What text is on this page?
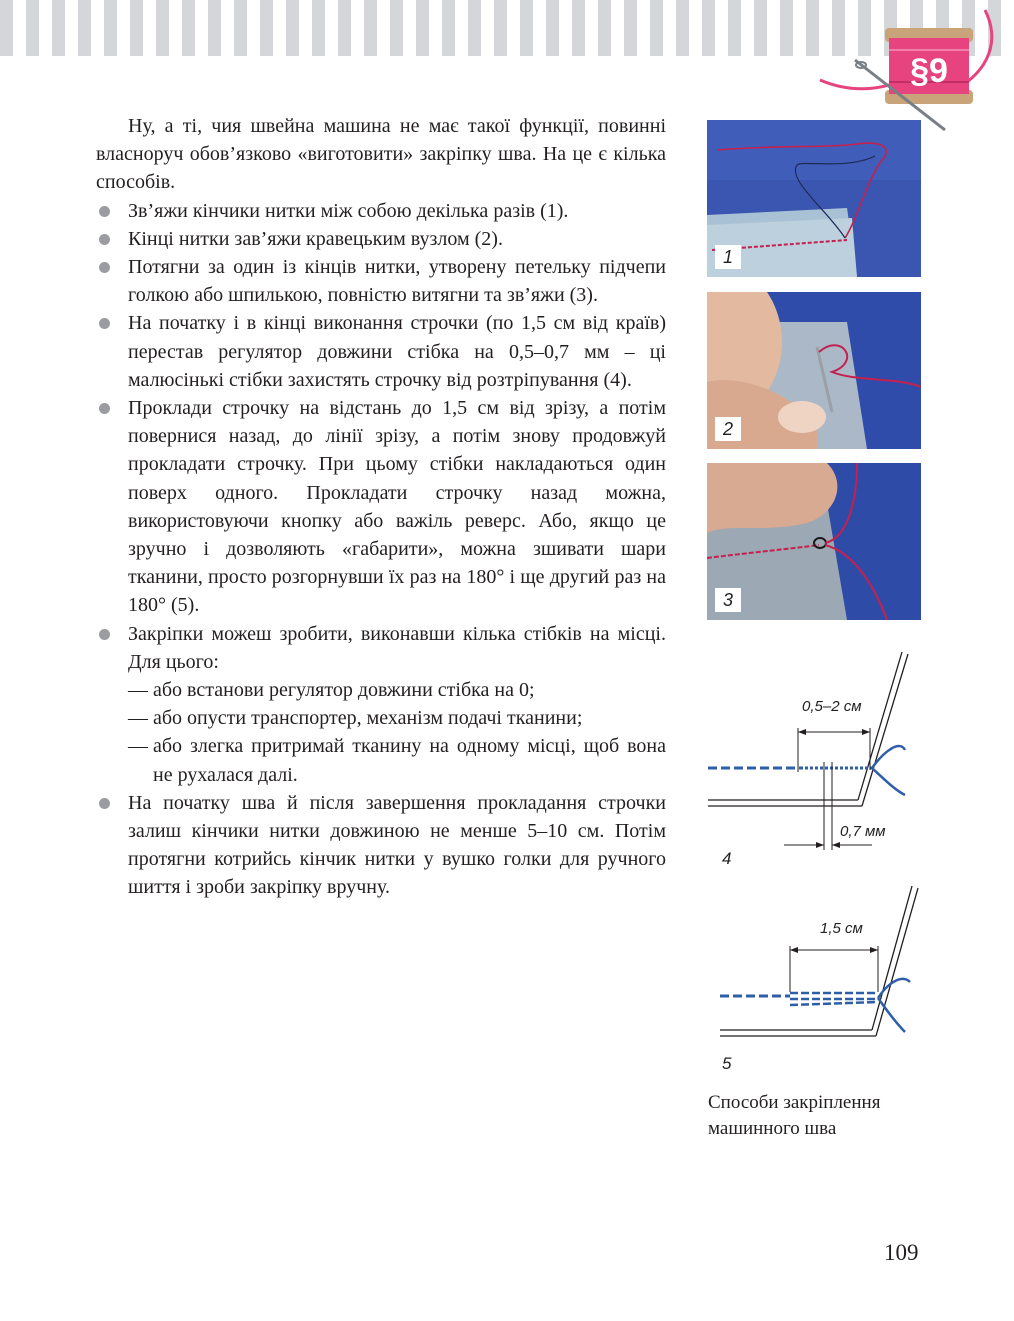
§9

Ну, а ті, чия швейна машина не має такої функції, повинні власноруч обов’язково «виготовити» закріпку шва. На це є кілька способів.

Зв’яжи кінчики нитки між собою декілька разів (1).
Кінці нитки зав’яжи кравецьким вузлом (2).
Потягни за один із кінців нитки, утворену петельку підчепи голкою або шпилькою, повністю витягни та зв’яжи (3).
На початку і в кінці виконання строчки (по 1,5 см від країв) перестав регулятор довжини стібка на 0,5–0,7 мм – ці малюсінькі стібки захистять строчку від розтріпування (4).
Проклади строчку на відстань до 1,5 см від зрізу, а потім повернися назад, до лінії зрізу, а потім знову продовжуй прокладати строчку. При цьому стібки накладаються один поверх одного. Прокладати строчку назад можна, використовуючи кнопку або важіль реверс. Або, якщо це зручно і дозволяють «габарити», можна зшивати шари тканини, просто розгорнувши їх раз на 180° і ще другий раз на 180° (5).
Закріпки можеш зробити, виконавши кілька стібків на місці. Для цього:
— або встанови регулятор довжини стібка на 0;
— або опусти транспортер, механізм подачі тканини;
— або злегка притримай тканину на одному місці, щоб вона не рухалася далі.
На початку шва й після завершення прокладання строчки залиш кінчики нитки довжиною не менше 5–10 см. Потім протягни котрийсь кінчик нитки у вушко голки для ручного шиття і зроби закріпку вручну.
1
2
3
0,5–2 см
0,7 мм
4
1,5 см
5
Способи закріплення машинного шва
109
